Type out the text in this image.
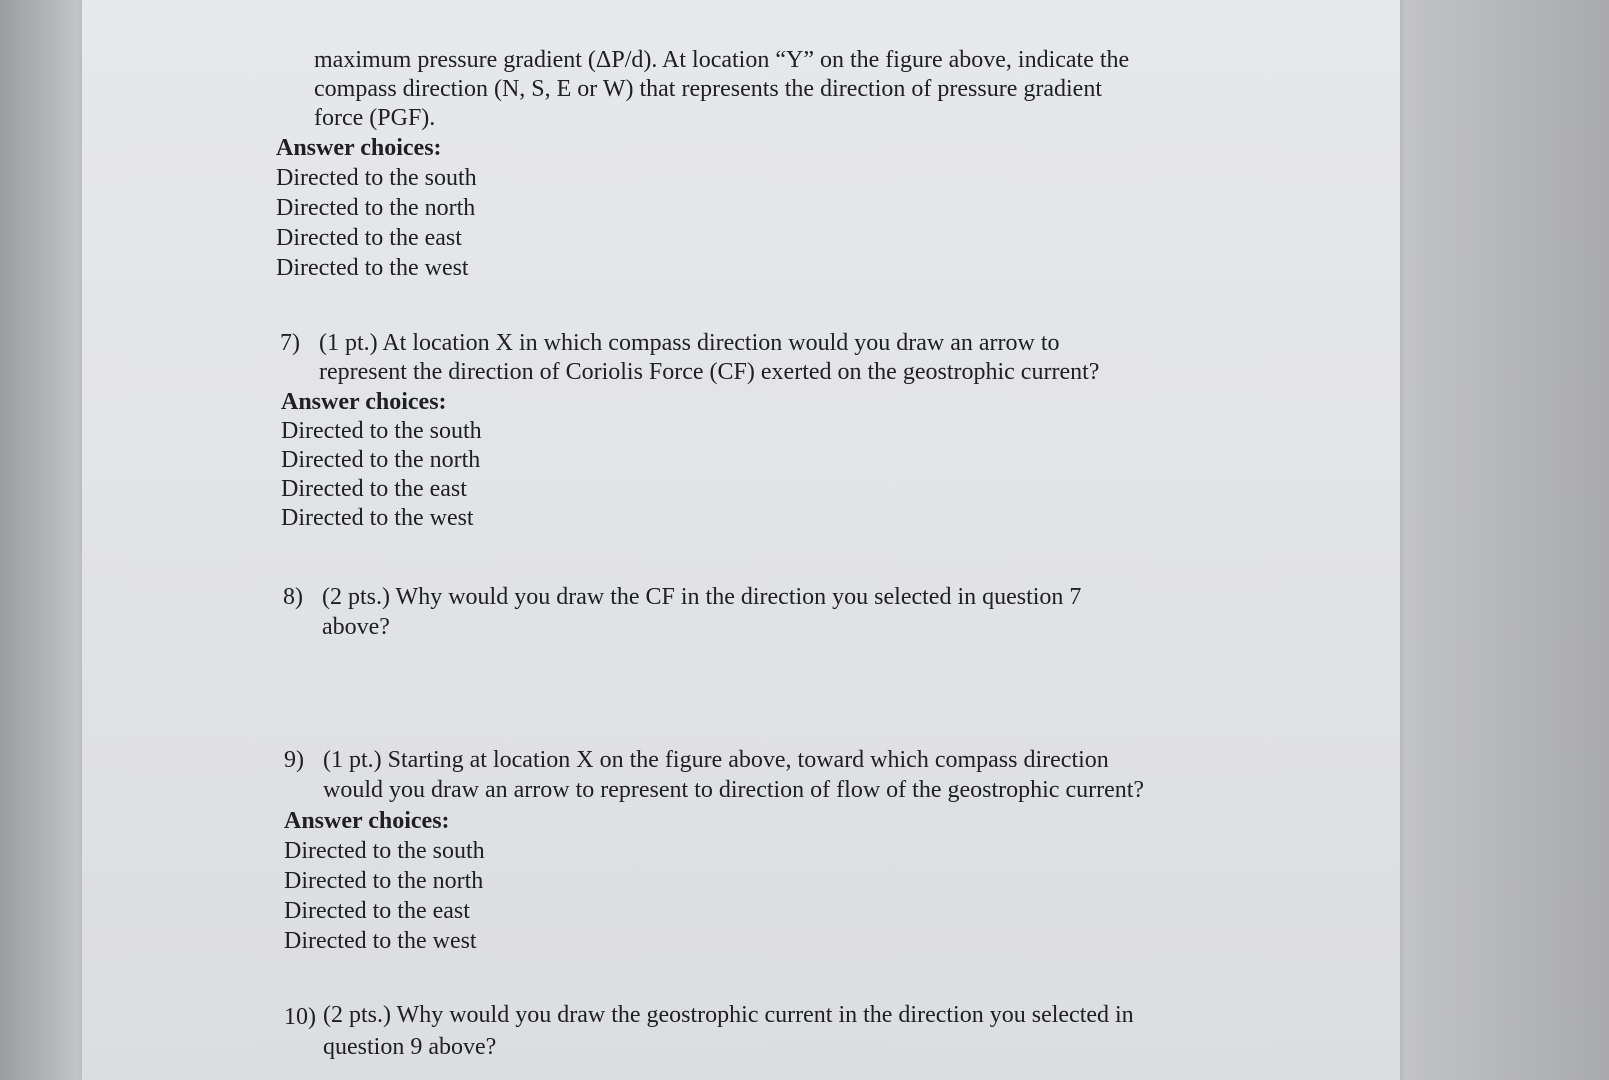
maximum pressure gradient (ΔP/d). At location “Y” on the figure above, indicate the
compass direction (N, S, E or W) that represents the direction of pressure gradient
force (PGF).
Answer choices:
Directed to the south
Directed to the north
Directed to the east
Directed to the west
7) (1 pt.) At location X in which compass direction would you draw an arrow to
represent the direction of Coriolis Force (CF) exerted on the geostrophic current?
Answer choices:
Directed to the south
Directed to the north
Directed to the east
Directed to the west
8) (2 pts.) Why would you draw the CF in the direction you selected in question 7
above?
9) (1 pt.) Starting at location X on the figure above, toward which compass direction
would you draw an arrow to represent to direction of flow of the geostrophic current?
Answer choices:
Directed to the south
Directed to the north
Directed to the east
Directed to the west
10) (2 pts.) Why would you draw the geostrophic current in the direction you selected in
question 9 above?
